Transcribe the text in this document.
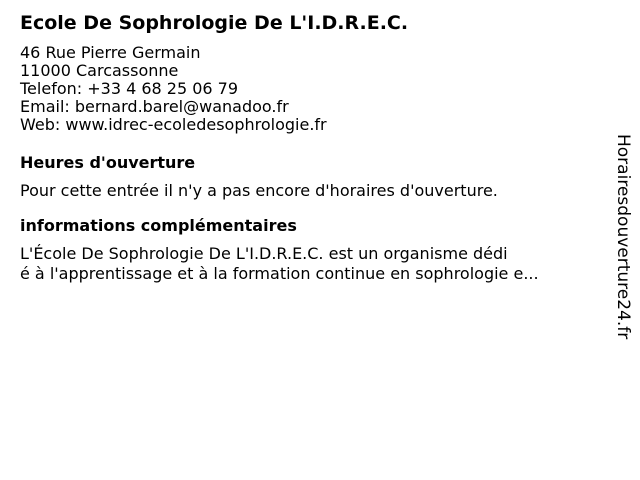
Ecole De Sophrologie De L'I.D.R.E.C.
46 Rue Pierre Germain
11000 Carcassonne
Telefon: +33 4 68 25 06 79
Email: bernard.barel@wanadoo.fr
Web: www.idrec-ecoledesophrologie.fr
Heures d'ouverture
Pour cette entrée il n'y a pas encore d'horaires d'ouverture.
informations complémentaires
L'École De Sophrologie De L'I.D.R.E.C. est un organisme dédi
é à l'apprentissage et à la formation continue en sophrologie e...	Horairesdouverture24.fr
